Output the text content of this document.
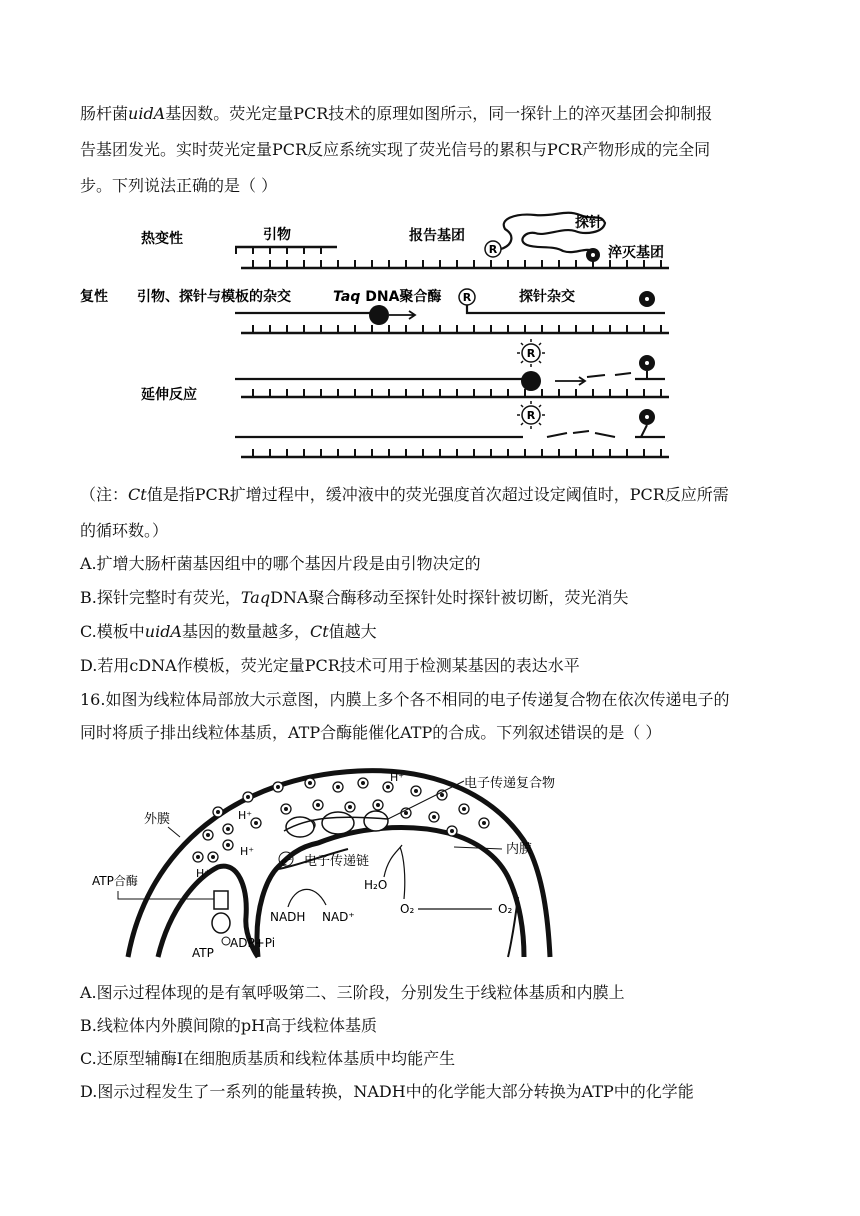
肠杆菌uidA基因数。荧光定量PCR技术的原理如图所示，同一探针上的淬灭基团会抑制报
告基团发光。实时荧光定量PCR反应系统实现了荧光信号的累积与PCR产物形成的完全同
步。下列说法正确的是（ ）
热变性
复性 引物、探针与模板的杂交
延伸反应
引物	报告基团
R
探针
淬灭基团
Taq DNA聚合酶 R	探针杂交
R
R
（注：Ct值是指PCR扩增过程中，缓冲液中的荧光强度首次超过设定阈值时，PCR反应所需
的循环数。）
A.扩增大肠杆菌基因组中的哪个基因片段是由引物决定的
B.探针完整时有荧光，TaqDNA聚合酶移动至探针处时探针被切断，荧光消失
C.模板中uidA基因的数量越多，Ct值越大
D.若用cDNA作模板，荧光定量PCR技术可用于检测某基因的表达水平
16.如图为线粒体局部放大示意图，内膜上多个各不相同的电子传递复合物在依次传递电子的
同时将质子排出线粒体基质，ATP合酶能催化ATP的合成。下列叙述错误的是（ ）
外膜
内膜
电子传递复合物
电子传递链
H⁺
H⁺
H⁺
H⁺
e⁻
NADH NAD⁺
H₂O
O₂	O₂
ATP合酶
ATP
ADP+Pi
A.图示过程体现的是有氧呼吸第二、三阶段，分别发生于线粒体基质和内膜上
B.线粒体内外膜间隙的pH高于线粒体基质
C.还原型辅酶I在细胞质基质和线粒体基质中均能产生
D.图示过程发生了一系列的能量转换，NADH中的化学能大部分转换为ATP中的化学能
